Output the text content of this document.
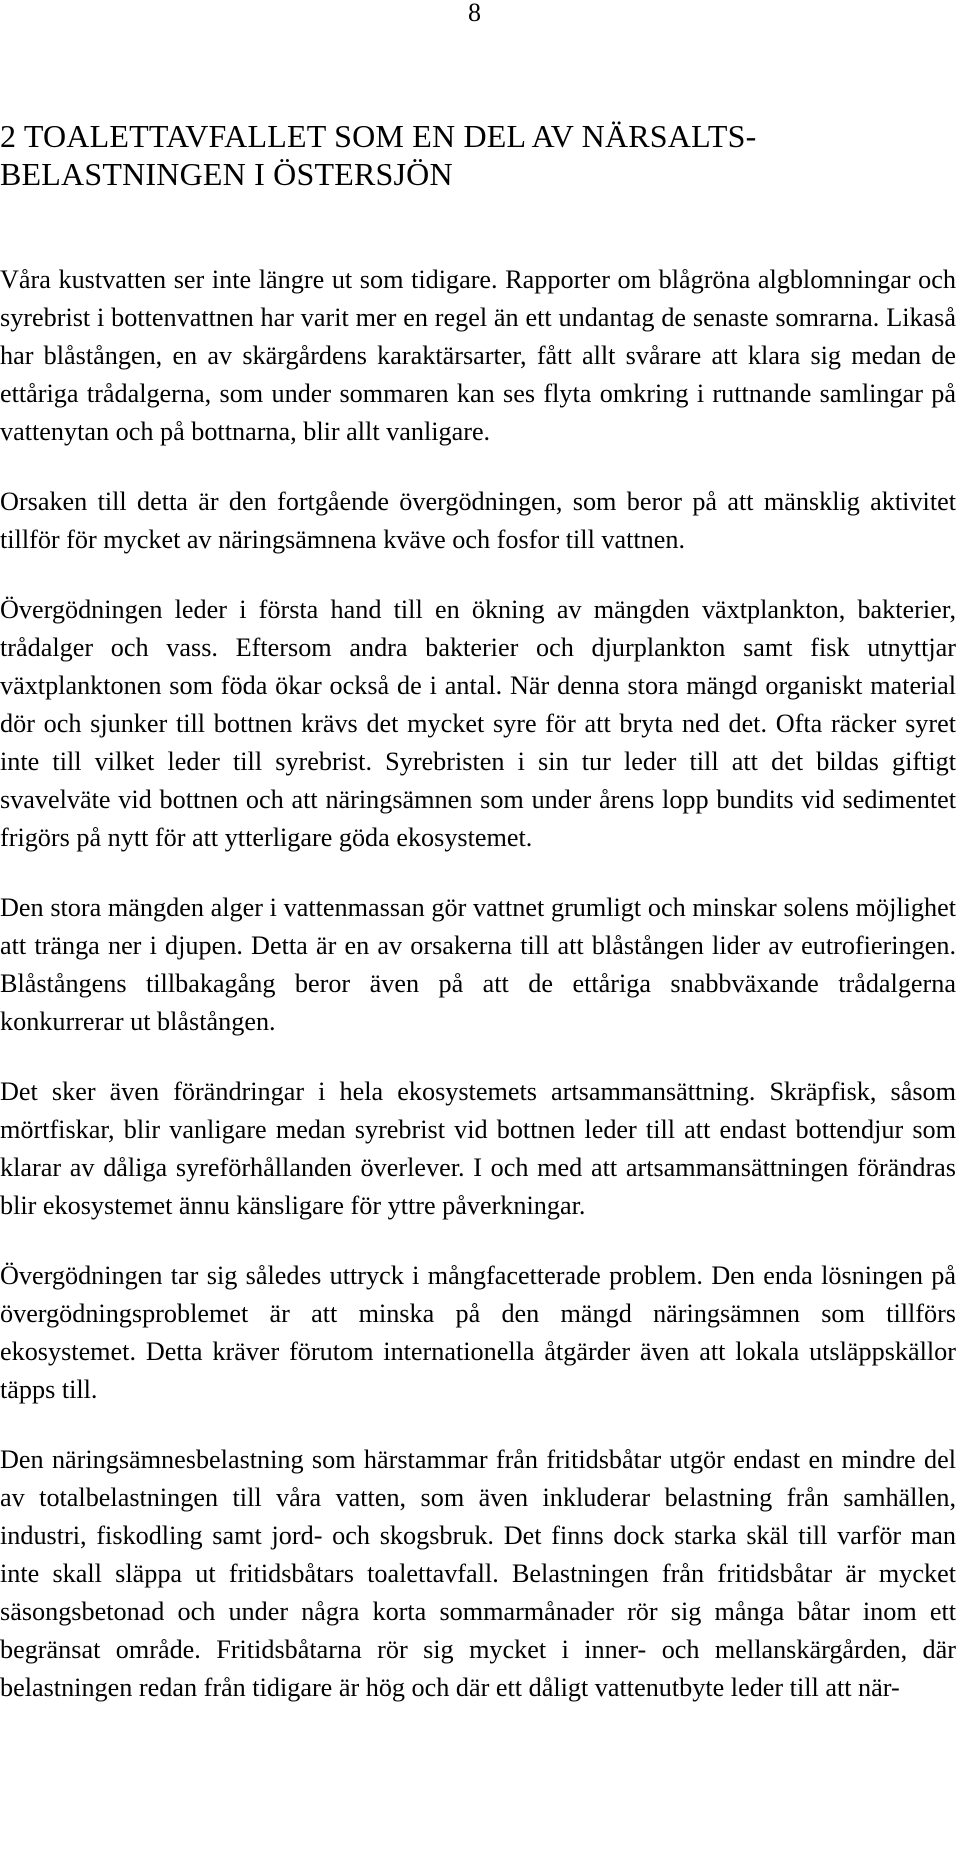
8
2 TOALETTAVFALLET SOM EN DEL AV NÄRSALTS- BELASTNINGEN I ÖSTERSJÖN

Våra kustvatten ser inte längre ut som tidigare. Rapporter om blågröna algblomningar och syrebrist i bottenvattnen har varit mer en regel än ett undantag de senaste somrarna. Likaså har blåstången, en av skärgårdens karaktärsarter, fått allt svårare att klara sig medan de ettåriga trådalgerna, som under sommaren kan ses flyta omkring i ruttnande samlingar på vattenytan och på bottnarna, blir allt vanligare.

Orsaken till detta är den fortgående övergödningen, som beror på att mänsklig aktivitet tillför för mycket av näringsämnena kväve och fosfor till vattnen.

Övergödningen leder i första hand till en ökning av mängden växtplankton, bakterier, trådalger och vass. Eftersom andra bakterier och djurplankton samt fisk utnyttjar växtplanktonen som föda ökar också de i antal. När denna stora mängd organiskt material dör och sjunker till bottnen krävs det mycket syre för att bryta ned det. Ofta räcker syret inte till vilket leder till syrebrist. Syrebristen i sin tur leder till att det bildas giftigt svavelväte vid bottnen och att näringsämnen som under årens lopp bundits vid sedimentet frigörs på nytt för att ytterligare göda ekosystemet.

Den stora mängden alger i vattenmassan gör vattnet grumligt och minskar solens möjlighet att tränga ner i djupen. Detta är en av orsakerna till att blåstången lider av eutrofieringen. Blåstångens tillbakagång beror även på att de ettåriga snabbväxande trådalgerna konkurrerar ut blåstången.

Det sker även förändringar i hela ekosystemets artsammansättning. Skräpfisk, såsom mörtfiskar, blir vanligare medan syrebrist vid bottnen leder till att endast bottendjur som klarar av dåliga syreförhållanden överlever. I och med att artsammansättningen förändras blir ekosystemet ännu känsligare för yttre påverkningar.

Övergödningen tar sig således uttryck i mångfacetterade problem. Den enda lösningen på övergödningsproblemet är att minska på den mängd näringsämnen som tillförs ekosystemet. Detta kräver förutom internationella åtgärder även att lokala utsläppskällor täpps till.

Den näringsämnesbelastning som härstammar från fritidsbåtar utgör endast en mindre del av totalbelastningen till våra vatten, som även inkluderar belastning från samhällen, industri, fiskodling samt jord- och skogsbruk. Det finns dock starka skäl till varför man inte skall släppa ut fritidsbåtars toalettavfall. Belastningen från fritidsbåtar är mycket säsongsbetonad och under några korta sommarmånader rör sig många båtar inom ett begränsat område. Fritidsbåtarna rör sig mycket i inner- och mellanskärgården, där belastningen redan från tidigare är hög och där ett dåligt vattenutbyte leder till att när-
